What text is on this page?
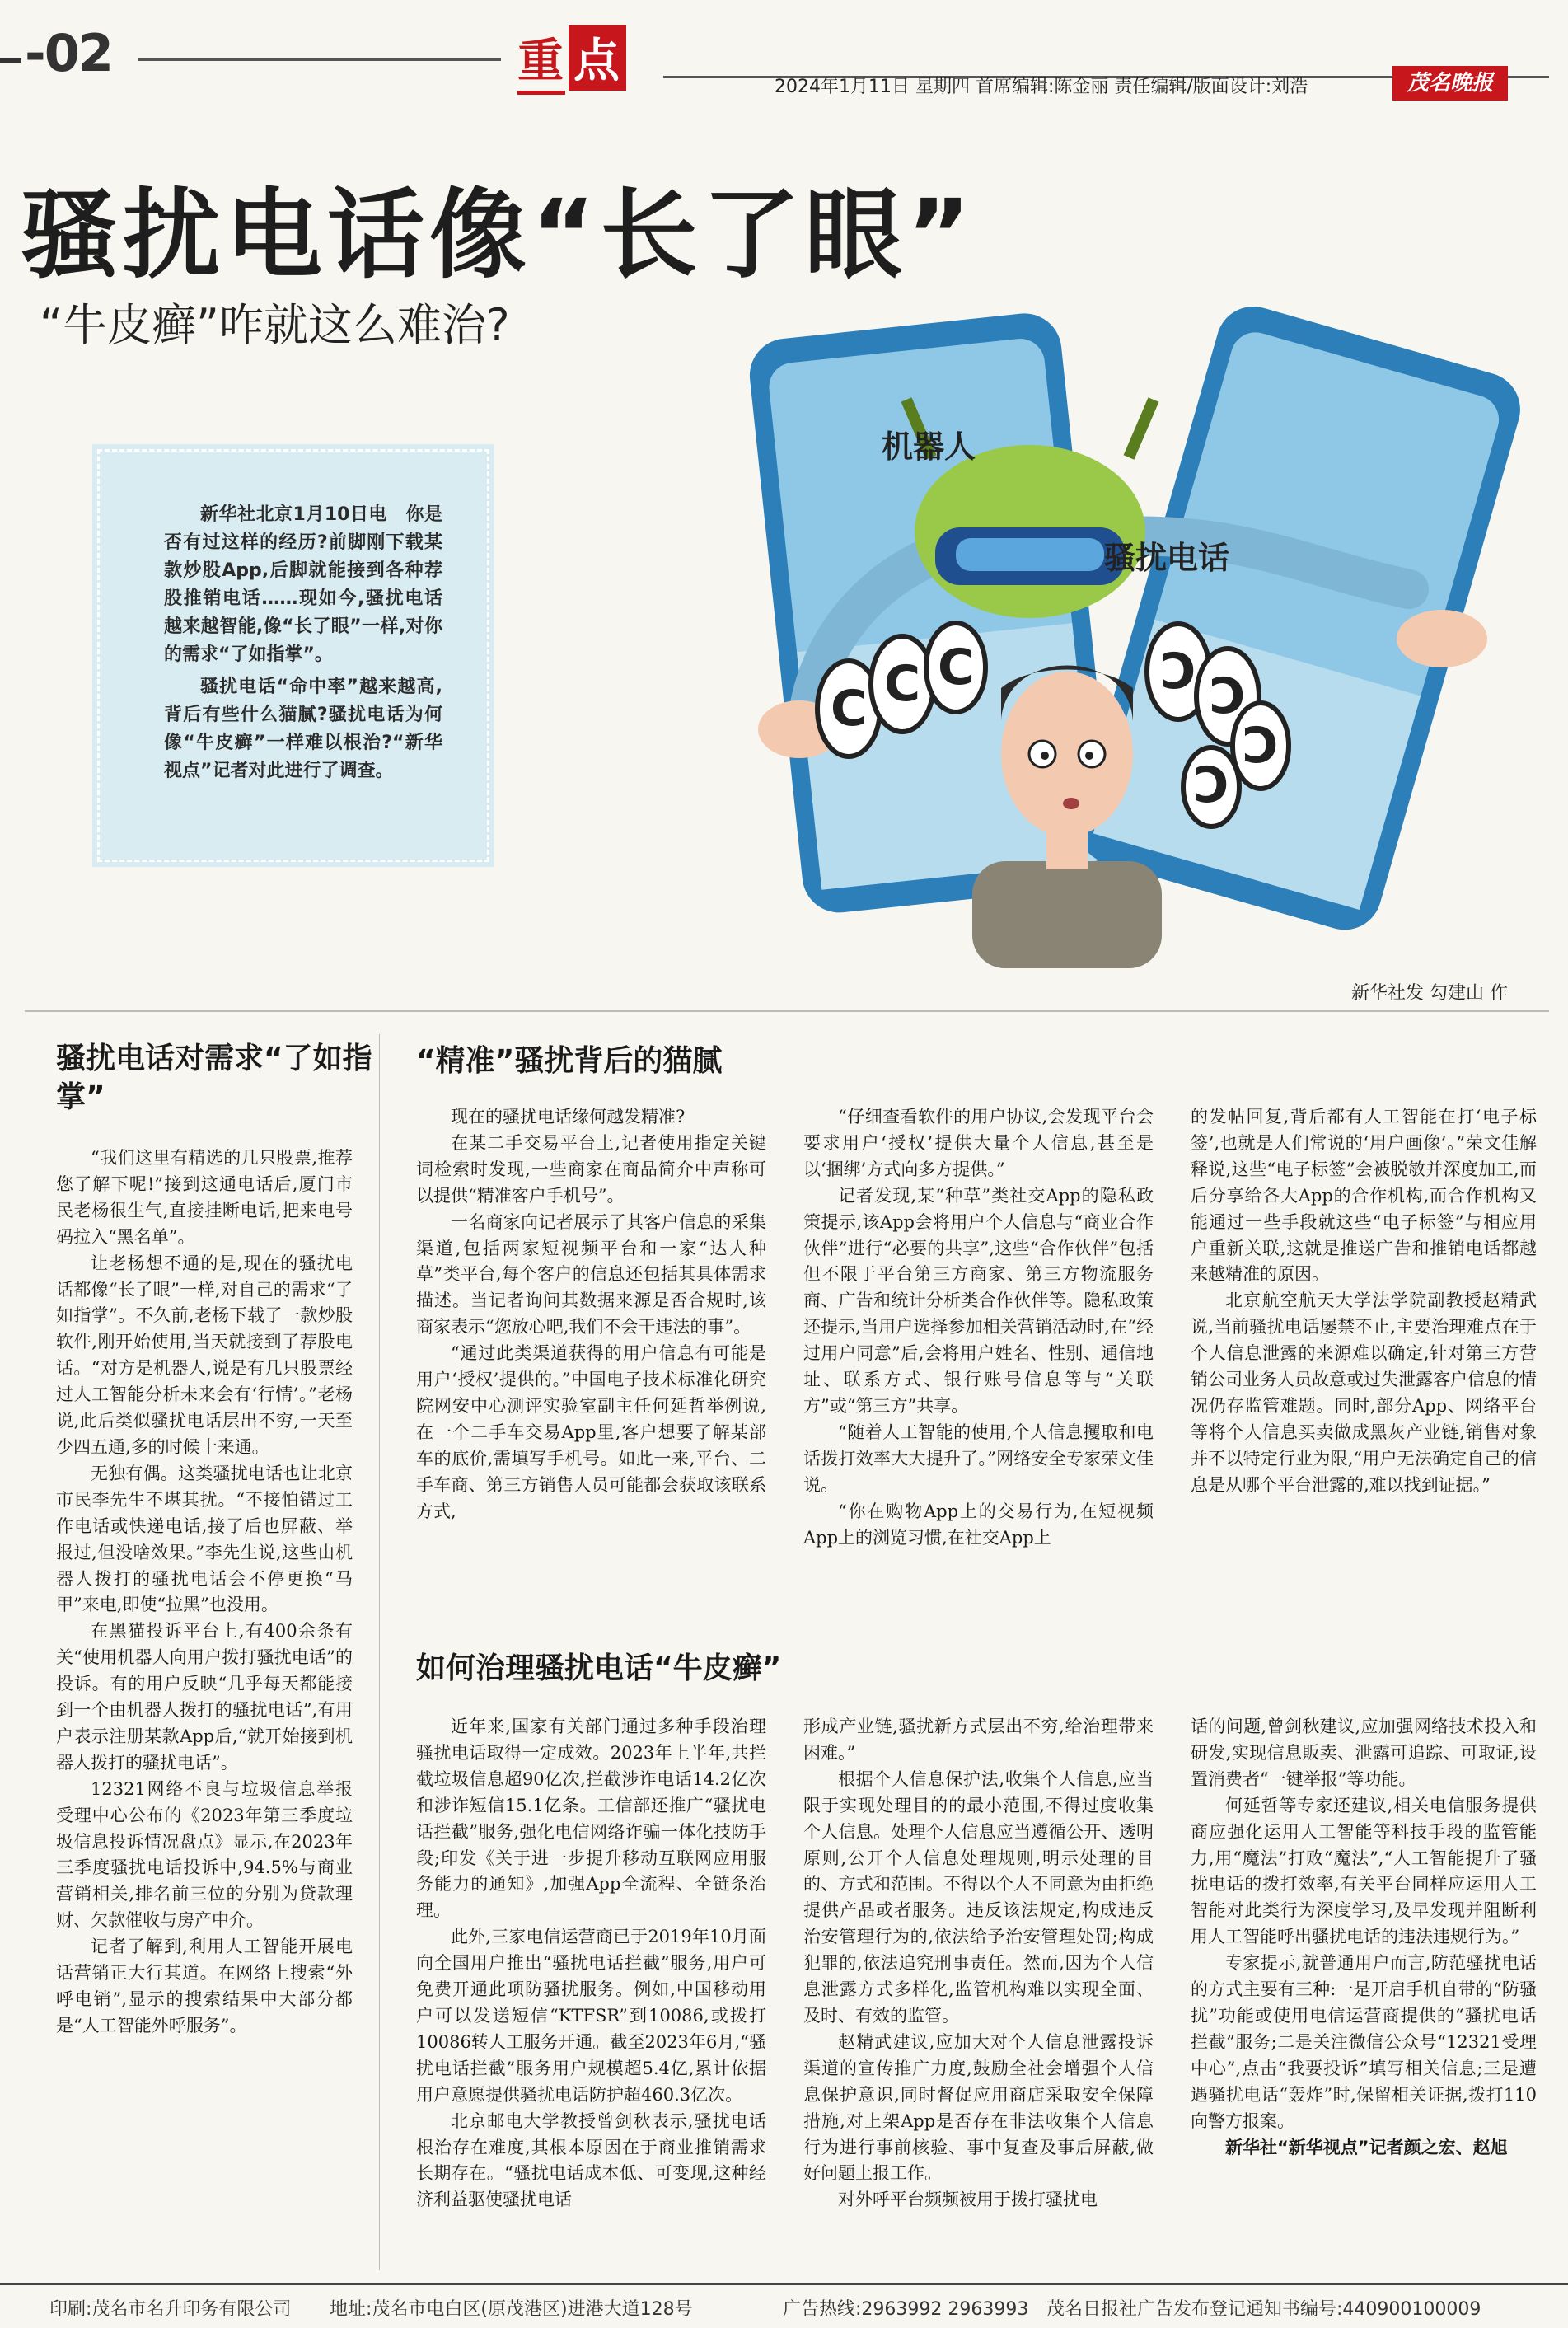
-02	重 点	2024年1月11日 星期四 首席编辑:陈金丽 责任编辑/版面设计:刘浩	茂名晚报
骚扰电话像“长了眼”
“牛皮癣”咋就这么难治?

新华社北京1月10日电　你是否有过这样的经历?前脚刚下载某款炒股App,后脚就能接到各种荐股推销电话……现如今,骚扰电话越来越智能,像“长了眼”一样,对你的需求“了如指掌”。

骚扰电话“命中率”越来越高,背后有些什么猫腻?骚扰电话为何像“牛皮癣”一样难以根治?“新华视点”记者对此进行了调查。

C C C	Ͻ Ͻ
Ͻ
Ͻ
机器人
骚扰电话
新华社发 勾建山 作
骚扰电话对需求“了如指掌”

“我们这里有精选的几只股票,推荐您了解下呢!”接到这通电话后,厦门市民老杨很生气,直接挂断电话,把来电号码拉入“黑名单”。

让老杨想不通的是,现在的骚扰电话都像“长了眼”一样,对自己的需求“了如指掌”。不久前,老杨下载了一款炒股软件,刚开始使用,当天就接到了荐股电话。“对方是机器人,说是有几只股票经过人工智能分析未来会有‘行情’。”老杨说,此后类似骚扰电话层出不穷,一天至少四五通,多的时候十来通。

无独有偶。这类骚扰电话也让北京市民李先生不堪其扰。“不接怕错过工作电话或快递电话,接了后也屏蔽、举报过,但没啥效果。”李先生说,这些由机器人拨打的骚扰电话会不停更换“马甲”来电,即使“拉黑”也没用。

在黑猫投诉平台上,有400余条有关“使用机器人向用户拨打骚扰电话”的投诉。有的用户反映“几乎每天都能接到一个由机器人拨打的骚扰电话”,有用户表示注册某款App后,“就开始接到机器人拨打的骚扰电话”。

12321网络不良与垃圾信息举报受理中心公布的《2023年第三季度垃圾信息投诉情况盘点》显示,在2023年三季度骚扰电话投诉中,94.5%与商业营销相关,排名前三位的分别为贷款理财、欠款催收与房产中介。

记者了解到,利用人工智能开展电话营销正大行其道。在网络上搜索“外呼电销”,显示的搜索结果中大部分都是“人工智能外呼服务”。

“精准”骚扰背后的猫腻

现在的骚扰电话缘何越发精准?

在某二手交易平台上,记者使用指定关键词检索时发现,一些商家在商品简介中声称可以提供“精准客户手机号”。

一名商家向记者展示了其客户信息的采集渠道,包括两家短视频平台和一家“达人种草”类平台,每个客户的信息还包括其具体需求描述。当记者询问其数据来源是否合规时,该商家表示“您放心吧,我们不会干违法的事”。

“通过此类渠道获得的用户信息有可能是用户‘授权’提供的。”中国电子技术标准化研究院网安中心测评实验室副主任何延哲举例说,在一个二手车交易App里,客户想要了解某部车的底价,需填写手机号。如此一来,平台、二手车商、第三方销售人员可能都会获取该联系方式,

“仔细查看软件的用户协议,会发现平台会要求用户‘授权’提供大量个人信息,甚至是以‘捆绑’方式向多方提供。”

记者发现,某“种草”类社交App的隐私政策提示,该App会将用户个人信息与“商业合作伙伴”进行“必要的共享”,这些“合作伙伴”包括但不限于平台第三方商家、第三方物流服务商、广告和统计分析类合作伙伴等。隐私政策还提示,当用户选择参加相关营销活动时,在“经过用户同意”后,会将用户姓名、性别、通信地址、联系方式、银行账号信息等与“关联方”或“第三方”共享。

“随着人工智能的使用,个人信息攫取和电话拨打效率大大提升了。”网络安全专家荣文佳说。

“你在购物App上的交易行为,在短视频App上的浏览习惯,在社交App上

的发帖回复,背后都有人工智能在打‘电子标签’,也就是人们常说的‘用户画像’。”荣文佳解释说,这些“电子标签”会被脱敏并深度加工,而后分享给各大App的合作机构,而合作机构又能通过一些手段就这些“电子标签”与相应用户重新关联,这就是推送广告和推销电话都越来越精准的原因。

北京航空航天大学法学院副教授赵精武说,当前骚扰电话屡禁不止,主要治理难点在于个人信息泄露的来源难以确定,针对第三方营销公司业务人员故意或过失泄露客户信息的情况仍存监管难题。同时,部分App、网络平台等将个人信息买卖做成黑灰产业链,销售对象并不以特定行业为限,“用户无法确定自己的信息是从哪个平台泄露的,难以找到证据。”

如何治理骚扰电话“牛皮癣”

近年来,国家有关部门通过多种手段治理骚扰电话取得一定成效。2023年上半年,共拦截垃圾信息超90亿次,拦截涉诈电话14.2亿次和涉诈短信15.1亿条。工信部还推广“骚扰电话拦截”服务,强化电信网络诈骗一体化技防手段;印发《关于进一步提升移动互联网应用服务能力的通知》,加强App全流程、全链条治理。

此外,三家电信运营商已于2019年10月面向全国用户推出“骚扰电话拦截”服务,用户可免费开通此项防骚扰服务。例如,中国移动用户可以发送短信“KTFSR”到10086,或拨打10086转人工服务开通。截至2023年6月,“骚扰电话拦截”服务用户规模超5.4亿,累计依据用户意愿提供骚扰电话防护超460.3亿次。

北京邮电大学教授曾剑秋表示,骚扰电话根治存在难度,其根本原因在于商业推销需求长期存在。“骚扰电话成本低、可变现,这种经济利益驱使骚扰电话

形成产业链,骚扰新方式层出不穷,给治理带来困难。”

根据个人信息保护法,收集个人信息,应当限于实现处理目的的最小范围,不得过度收集个人信息。处理个人信息应当遵循公开、透明原则,公开个人信息处理规则,明示处理的目的、方式和范围。不得以个人不同意为由拒绝提供产品或者服务。违反该法规定,构成违反治安管理行为的,依法给予治安管理处罚;构成犯罪的,依法追究刑事责任。然而,因为个人信息泄露方式多样化,监管机构难以实现全面、及时、有效的监管。

赵精武建议,应加大对个人信息泄露投诉渠道的宣传推广力度,鼓励全社会增强个人信息保护意识,同时督促应用商店采取安全保障措施,对上架App是否存在非法收集个人信息行为进行事前核验、事中复查及事后屏蔽,做好问题上报工作。

对外呼平台频频被用于拨打骚扰电

话的问题,曾剑秋建议,应加强网络技术投入和研发,实现信息販卖、泄露可追踪、可取证,设置消费者“一键举报”等功能。

何延哲等专家还建议,相关电信服务提供商应强化运用人工智能等科技手段的监管能力,用“魔法”打败“魔法”,“人工智能提升了骚扰电话的拨打效率,有关平台同样应运用人工智能对此类行为深度学习,及早发现并阻断利用人工智能呼出骚扰电话的违法违规行为。”

专家提示,就普通用户而言,防范骚扰电话的方式主要有三种:一是开启手机自带的“防骚扰”功能或使用电信运营商提供的“骚扰电话拦截”服务;二是关注微信公众号“12321受理中心”,点击“我要投诉”填写相关信息;三是遭遇骚扰电话“轰炸”时,保留相关证据,拨打110向警方报案。

新华社“新华视点”记者颜之宏、赵旭

印刷:茂名市名升印务有限公司 地址:茂名市电白区(原茂港区)进港大道128号	广告热线:2963992 2963993 茂名日报社广告发布登记通知书编号:440900100009
